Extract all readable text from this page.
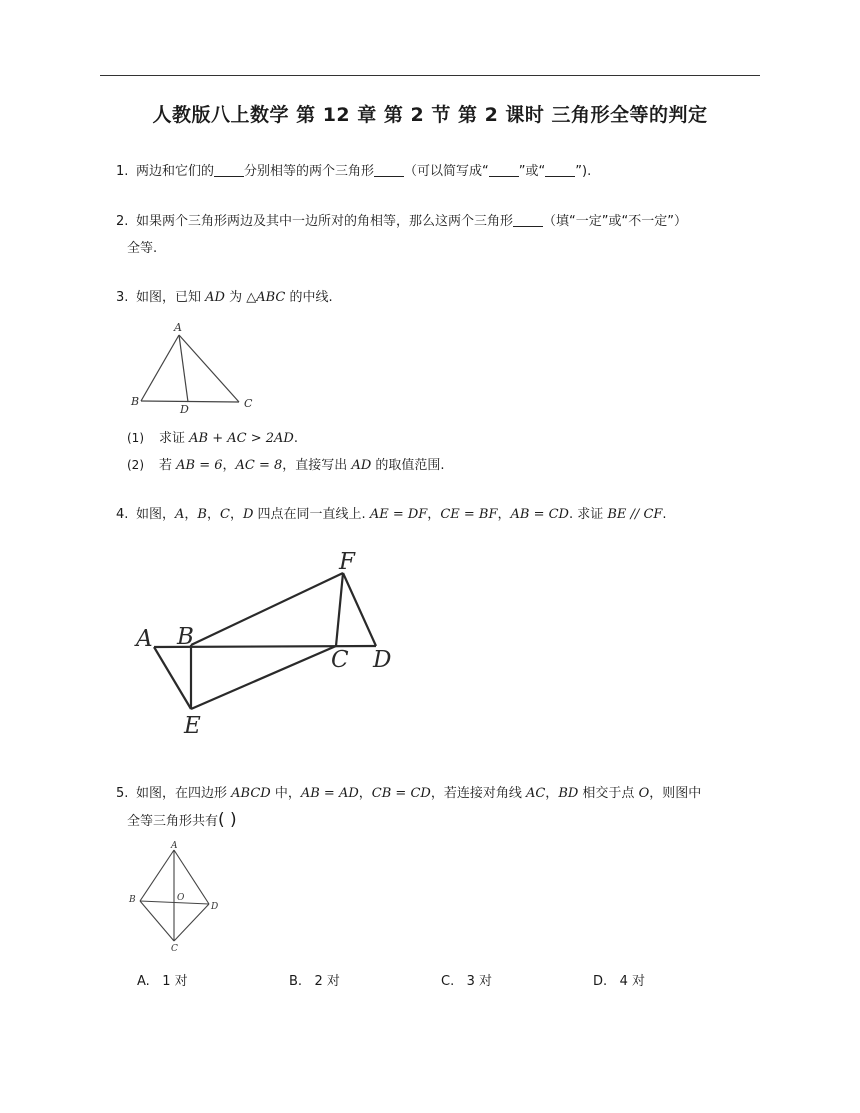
人教版八上数学 第 12 章 第 2 节 第 2 课时 三角形全等的判定
1. 两边和它们的 分别相等的两个三角形 （可以简写成“ ”或“ ”).
2. 如果两个三角形两边及其中一边所对的角相等，那么这两个三角形 （填“一定”或“不一定”）
全等.
3. 如图，已知 AD 为 △ABC 的中线.
A
B	C
D
(1) 求证 AB + AC > 2AD.
(2) 若 AB = 6，AC = 8，直接写出 AD 的取值范围.
4. 如图，A，B，C，D 四点在同一直线上. AE = DF，CE = BF，AB = CD. 求证 BE // CF.
A B
C D
E
F
5. 如图，在四边形 ABCD 中，AB = AD，CB = CD，若连接对角线 AC，BD 相交于点 O，则图中
全等三角形共有( )
A
B
C
D
O
A. 1 对	B. 2 对	C. 3 对	D. 4 对
